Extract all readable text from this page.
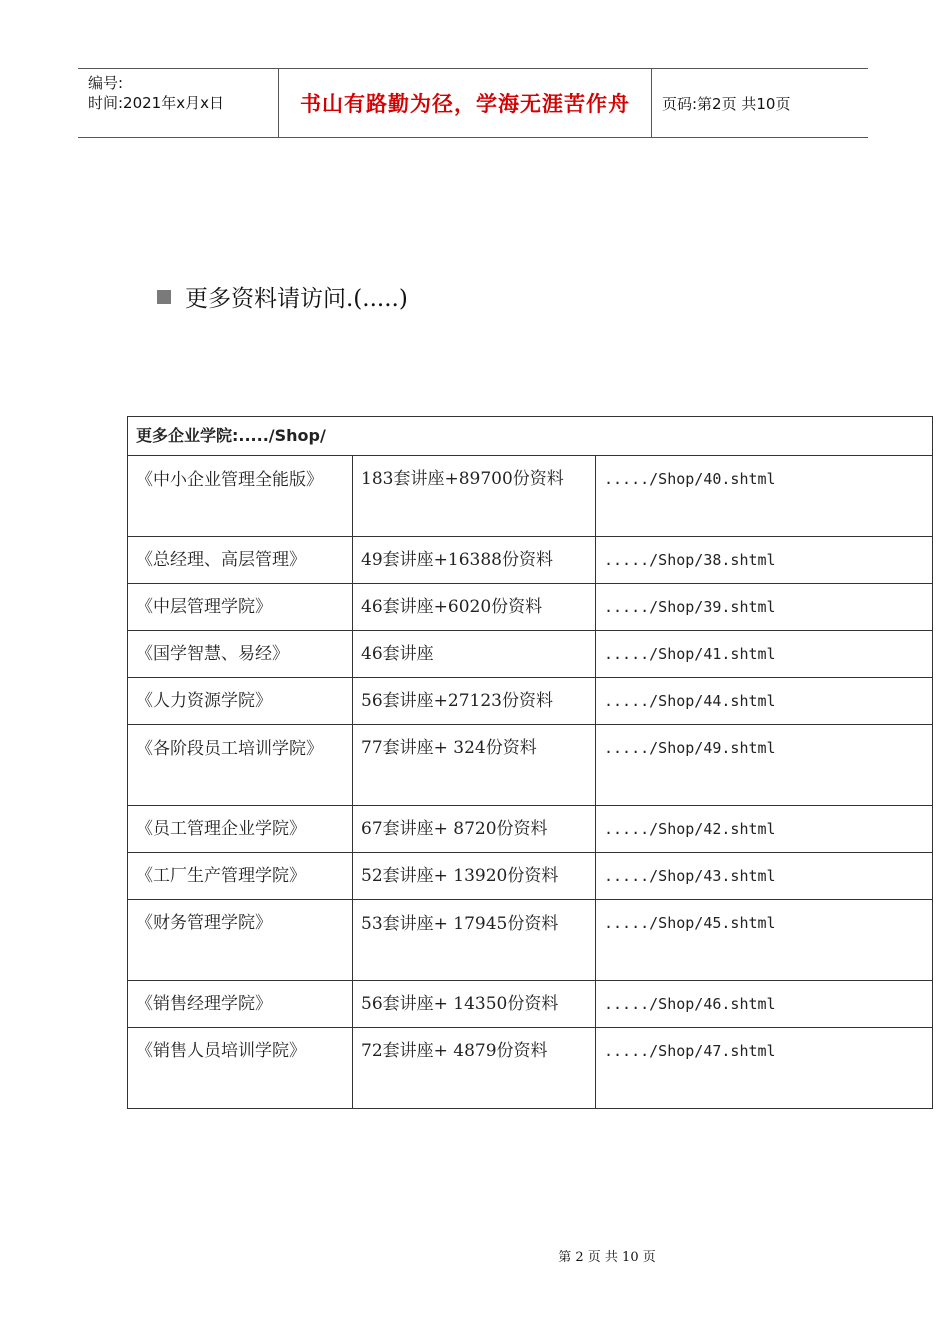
编号:
时间:2021年x月x日	书山有路勤为径，学海无涯苦作舟	页码:第2页 共10页
更多资料请访问.(.....)
更多企业学院:...../Shop/		
《中小企业管理全能版》	183套讲座+89700份资料	...../Shop/40.shtml
《总经理、高层管理》	49套讲座+16388份资料	...../Shop/38.shtml
《中层管理学院》	46套讲座+6020份资料	...../Shop/39.shtml
《国学智慧、易经》	46套讲座	...../Shop/41.shtml
《人力资源学院》	56套讲座+27123份资料	...../Shop/44.shtml
《各阶段员工培训学院》	77套讲座+ 324份资料	...../Shop/49.shtml
《员工管理企业学院》	67套讲座+ 8720份资料	...../Shop/42.shtml
《工厂生产管理学院》	52套讲座+ 13920份资料	...../Shop/43.shtml
《财务管理学院》	53套讲座+ 17945份资料	...../Shop/45.shtml
《销售经理学院》	56套讲座+ 14350份资料	...../Shop/46.shtml
《销售人员培训学院》	72套讲座+ 4879份资料	...../Shop/47.shtml
第 2 页 共 10 页
